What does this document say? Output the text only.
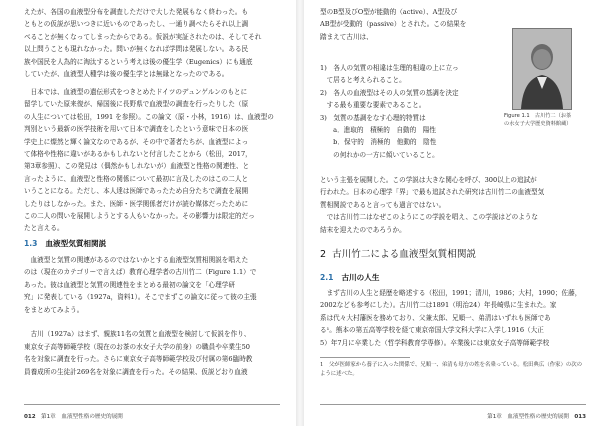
えたが、各国の血液型分布を調査しただけで大した発展もなく終わった。も
ともとの仮説が思いつきに近いものであったし、一通り調べたらそれ以上調
べることが無くなってしまったからである。仮説が実証されたのは、そしてそれ
以上問うことも現れなかった。問いが無くなれば学問は発展しない。ある民
族や国民を人為的に淘汰するという考えは後の優生学（Eugenics）にも通底
していたが、血液型人種学は後の優生学とは無縁となったのである。
　日本では、血液型の遺伝形式をつきとめたドイツのデュンゲルンのもとに
留学していた原来復が、帰国後に長野県で血液型の調査を行ったりした（原
の人生については松田，1991 を参照）。この論文（原・小林，1916）は、血液型の
判別という最新の医学技術を用いて日本で調査をしたという意味で日本の医
学史上に燦然と輝く論文なのであるが、その中で著者たちが、血液型によっ
て体格や性格に違いがあるかもしれないと付言したことから（松田，2017，
第3章参照）、この発見は（偶然かもしれないが）血液型と性格の関連性、と
言ったように、血液型と性格の関係について最初に言及したのはこの二人と
いうことになる。ただし、本人達は医師であったため自分たちで調査を展開
したりはしなかった。また、医師・医学関係者だけが読む媒体だったために
この二人の問いを展開しようとする人もいなかった。その影響力は限定的だっ
たと言える。
1.3 血液型気質相関説
　血液型と気質の関連があるのではないかとする血液型気質相関説を唱えた
のは（現在のカテゴリーで言えば）教育心理学者の古川竹二（Figure 1.1）で
あった。彼は血液型と気質の関連性をまとめる最初の論文を「心理学研
究」に発表している（1927a，資料1）。そこでまずこの論文に従って彼の主張
をまとめてみよう。

　古川（1927a）はまず、親族11名の気質と血液型を検討して仮説を作り、
東京女子高等師範学校（現在のお茶の水女子大学の前身）の職員や卒業生50
名を対象に調査を行った。さらに東京女子高等師範学校及び付属の第6臨時教
員養成所の生徒計269名を対象に調査を行った。その結果、仮説どおり血液
012 第1章　血液型性格の歴史的展開
型のB型及びO型が能動的（active）、A型及び
AB型が受動的（passive）とされた。この結果を
踏まえて古川は、
1)　各人の気質の相違は生理的相違の上に立っ
　て居ると考えられること。
2)　各人の血液型はその人の気質の基調を決定
　する最も重要な要素であること。
3)　気質の基調をなす心理的特質は
　　a．進取的　積極的　自動的　陽性
　　b．保守的　消極的　他動的　陰性
　　の何れかの一方に傾いていること。
Figure 1.1　古川竹二（お茶
の水女子大学歴史資料館蔵）
という主張を展開した。この学説は大きな関心を呼び、300以上の追試が
行われた。日本の心理学「界」で最も追試された研究は古川竹二の血液型気
質相関説であると言っても過言ではない。
　では古川竹二はなぜこのようにこの学説を唱え、この学説はどのような
結末を迎えたのであろうか。
2 古川竹二による血液型気質相関説
2.1 古川の人生
　まず古川の人生と経歴を略述する（松田，1991；清川，1986；大村，1990；佐藤，
2002なども参考にした）。古川竹二は1891（明治24）年長崎県に生まれた。家
系は代々大村藩医を務めており、父兼太郎、兄順一、弟清はいずれも医師であ
る¹。熊本の第五高等学校を経て東京帝国大学文科大学に入学し1916（大正
5）年7月に卒業した（哲学科教育学専修）。卒業後には東京女子高等師範学校
1　父が医師家から養子に入った関係で、兄順一、弟清も母方の姓を名乗っている。松田典広（作家）の次のように述べた。
第1章　血液型性格の歴史的展開 013
